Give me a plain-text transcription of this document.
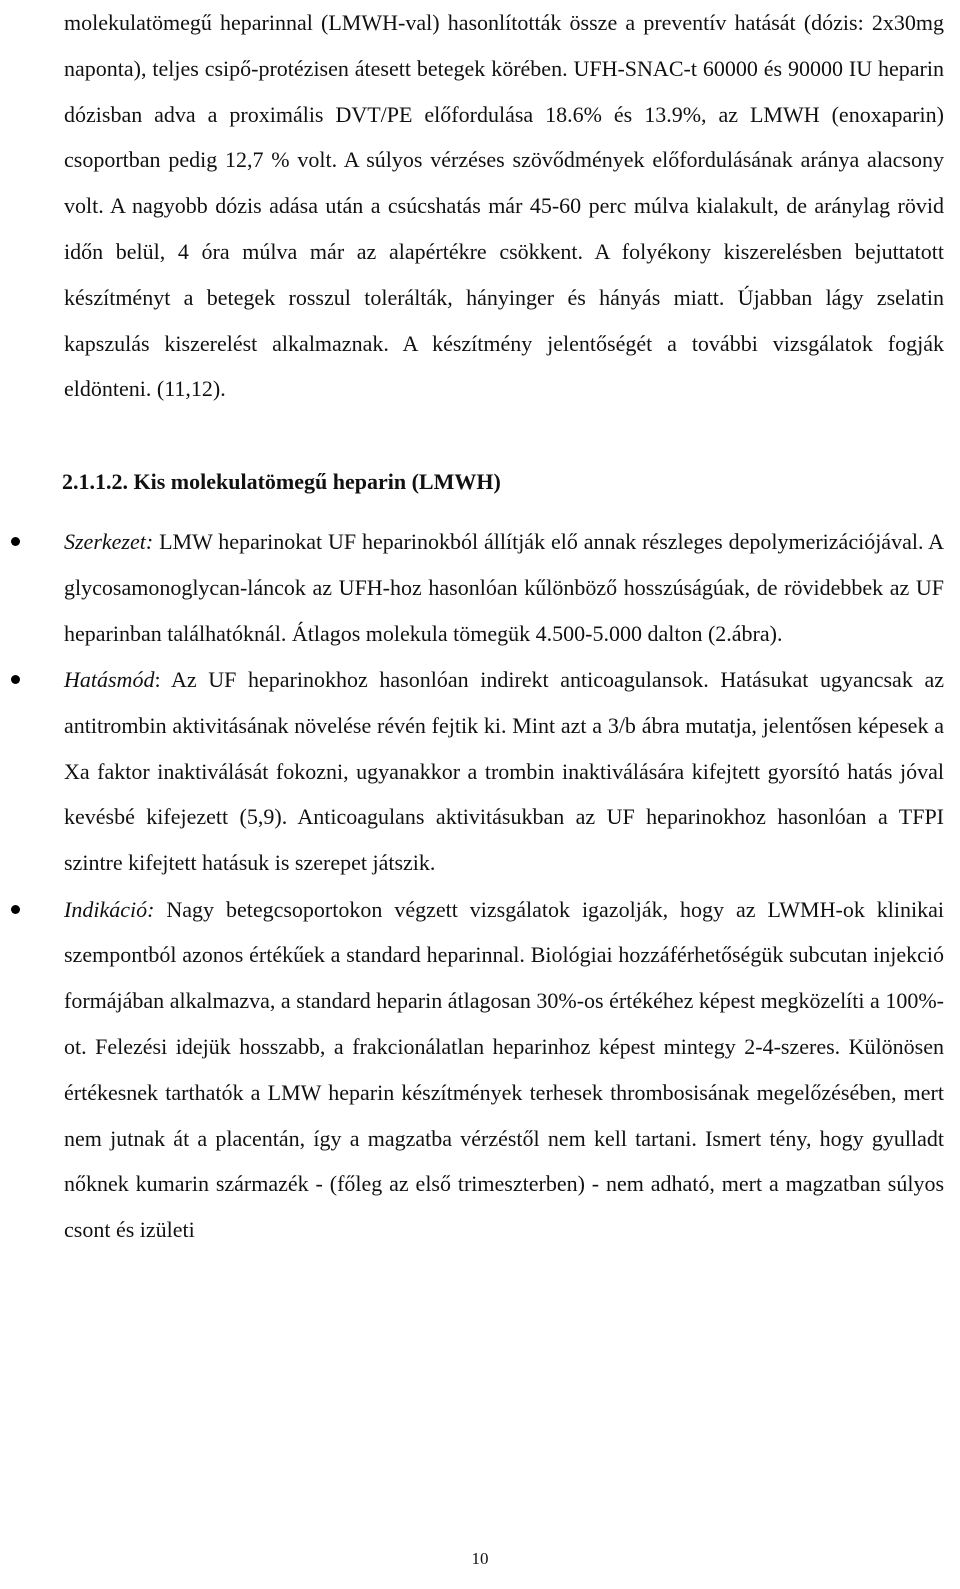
molekulatömegű heparinnal (LMWH-val) hasonlították össze a preventív hatását (dózis: 2x30mg naponta), teljes csipő-protézisen átesett betegek körében. UFH-SNAC-t 60000 és 90000 IU heparin dózisban adva a proximális DVT/PE előfordulása 18.6% és 13.9%, az LMWH (enoxaparin) csoportban pedig 12,7 % volt. A súlyos vérzéses szövődmények előfordulásának aránya alacsony volt. A nagyobb dózis adása után a csúcshatás már 45-60 perc múlva kialakult, de aránylag rövid időn belül, 4 óra múlva már az alapértékre csökkent. A folyékony kiszerelésben bejuttatott készítményt a betegek rosszul tolerálták, hányinger és hányás miatt. Újabban lágy zselatin kapszulás kiszerelést alkalmaznak. A készítmény jelentőségét a további vizsgálatok fogják eldönteni. (11,12).

2.1.1.2. Kis molekulatömegű heparin (LMWH)
Szerkezet: LMW heparinokat UF heparinokból állítják elő annak részleges depolymerizációjával. A glycosamonoglycan-láncok az UFH-hoz hasonlóan kűlönböző hosszúságúak, de rövidebbek az UF heparinban találhatóknál. Átlagos molekula tömegük 4.500-5.000 dalton (2.ábra).
Hatásmód: Az UF heparinokhoz hasonlóan indirekt anticoagulansok. Hatásukat ugyancsak az antitrombin aktivitásának növelése révén fejtik ki. Mint azt a 3/b ábra mutatja, jelentősen képesek a Xa faktor inaktiválását fokozni, ugyanakkor a trombin inaktiválására kifejtett gyorsító hatás jóval kevésbé kifejezett (5,9). Anticoagulans aktivitásukban az UF heparinokhoz hasonlóan a TFPI szintre kifejtett hatásuk is szerepet játszik.
Indikáció: Nagy betegcsoportokon végzett vizsgálatok igazolják, hogy az LWMH-ok klinikai szempontból azonos értékűek a standard heparinnal. Biológiai hozzáférhetőségük subcutan injekció formájában alkalmazva, a standard heparin átlagosan 30%-os értékéhez képest megközelíti a 100%-ot. Felezési idejük hosszabb, a frakcionálatlan heparinhoz képest mintegy 2-4-szeres. Különösen értékesnek tarthatók a LMW heparin készítmények terhesek thrombosisának megelőzésében, mert nem jutnak át a placentán, így a magzatba vérzéstől nem kell tartani. Ismert tény, hogy gyulladt nőknek kumarin származék - (főleg az első trimeszterben) - nem adható, mert a magzatban súlyos csont és izületi
10
